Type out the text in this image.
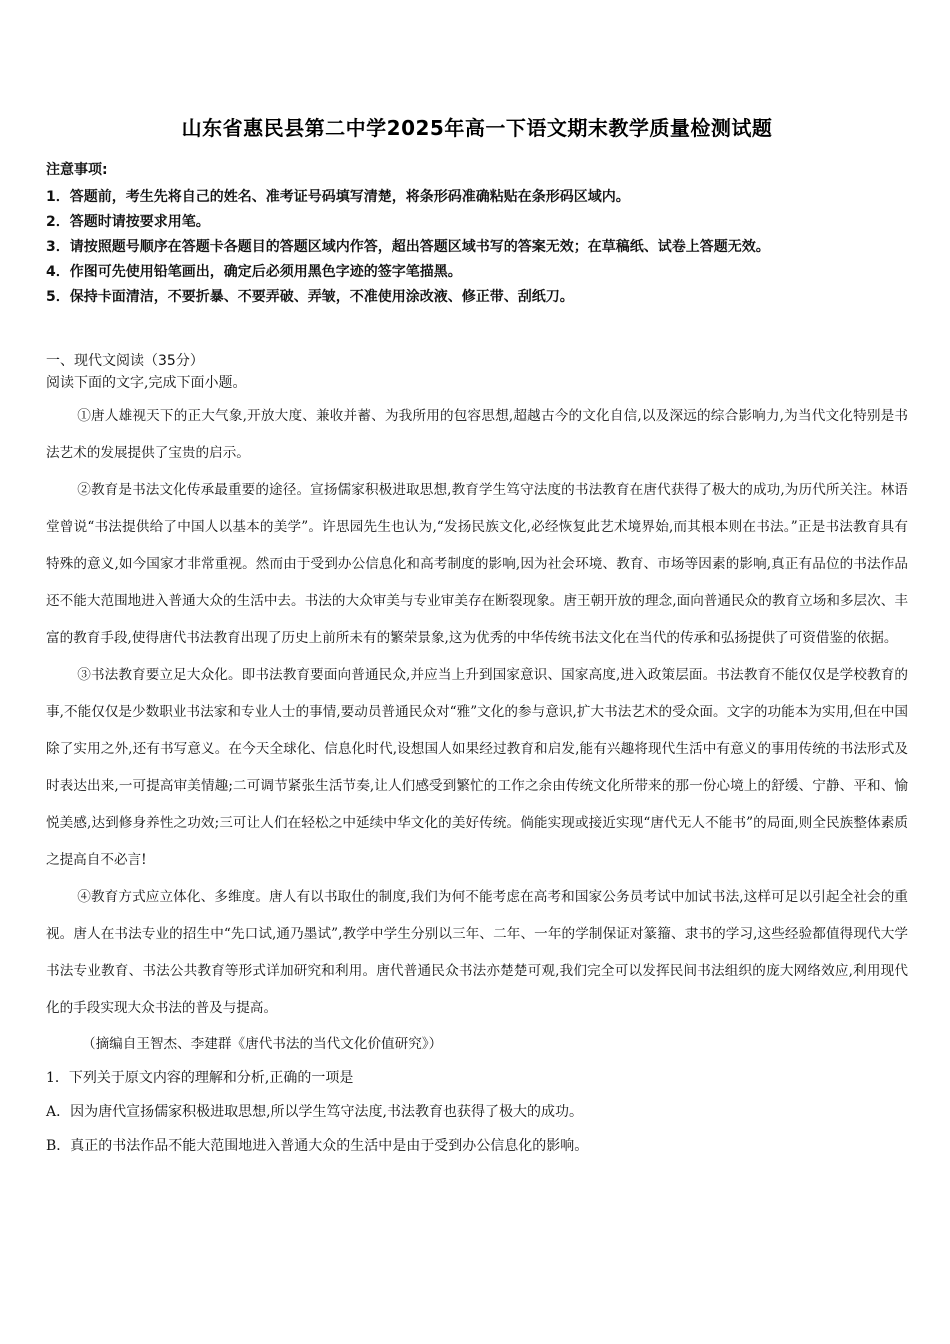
山东省惠民县第二中学2025年高一下语文期末教学质量检测试题
注意事项:
1．答题前，考生先将自己的姓名、准考证号码填写清楚，将条形码准确粘贴在条形码区域内。
2．答题时请按要求用笔。
3．请按照题号顺序在答题卡各题目的答题区域内作答，超出答题区域书写的答案无效；在草稿纸、试卷上答题无效。
4．作图可先使用铅笔画出，确定后必须用黑色字迹的签字笔描黑。
5．保持卡面清洁，不要折暴、不要弄破、弄皱，不准使用涂改液、修正带、刮纸刀。
一、现代文阅读（35分）
阅读下面的文字,完成下面小题。

①唐人雄视天下的正大气象,开放大度、兼收并蓄、为我所用的包容思想,超越古今的文化自信,以及深远的综合影响力,为当代文化特别是书法艺术的发展提供了宝贵的启示。

②教育是书法文化传承最重要的途径。宣扬儒家积极进取思想,教育学生笃守法度的书法教育在唐代获得了极大的成功,为历代所关注。林语堂曾说“书法提供给了中国人以基本的美学”。许思园先生也认为,“发扬民族文化,必经恢复此艺术境界始,而其根本则在书法。”正是书法教育具有特殊的意义,如今国家才非常重视。然而由于受到办公信息化和高考制度的影响,因为社会环境、教育、市场等因素的影响,真正有品位的书法作品还不能大范围地进入普通大众的生活中去。书法的大众审美与专业审美存在断裂现象。唐王朝开放的理念,面向普通民众的教育立场和多层次、丰富的教育手段,使得唐代书法教育出现了历史上前所未有的繁荣景象,这为优秀的中华传统书法文化在当代的传承和弘扬提供了可资借鉴的依据。

③书法教育要立足大众化。即书法教育要面向普通民众,并应当上升到国家意识、国家高度,进入政策层面。书法教育不能仅仅是学校教育的事,不能仅仅是少数职业书法家和专业人士的事情,要动员普通民众对“雅”文化的参与意识,扩大书法艺术的受众面。文字的功能本为实用,但在中国除了实用之外,还有书写意义。在今天全球化、信息化时代,设想国人如果经过教育和启发,能有兴趣将现代生活中有意义的事用传统的书法形式及时表达出来,一可提高审美情趣;二可调节紧张生活节奏,让人们感受到繁忙的工作之余由传统文化所带来的那一份心境上的舒缓、宁静、平和、愉悦美感,达到修身养性之功效;三可让人们在轻松之中延续中华文化的美好传统。倘能实现或接近实现“唐代无人不能书”的局面,则全民族整体素质之提高自不必言!

④教育方式应立体化、多维度。唐人有以书取仕的制度,我们为何不能考虑在高考和国家公务员考试中加试书法,这样可足以引起全社会的重视。唐人在书法专业的招生中“先口试,通乃墨试”,教学中学生分别以三年、二年、一年的学制保证对篆籀、隶书的学习,这些经验都值得现代大学书法专业教育、书法公共教育等形式详加研究和利用。唐代普通民众书法亦楚楚可观,我们完全可以发挥民间书法组织的庞大网络效应,利用现代化的手段实现大众书法的普及与提高。

（摘编自王智杰、李建群《唐代书法的当代文化价值研究》）
1．下列关于原文内容的理解和分析,正确的一项是
A．因为唐代宣扬儒家积极进取思想,所以学生笃守法度,书法教育也获得了极大的成功。
B．真正的书法作品不能大范围地进入普通大众的生活中是由于受到办公信息化的影响。
